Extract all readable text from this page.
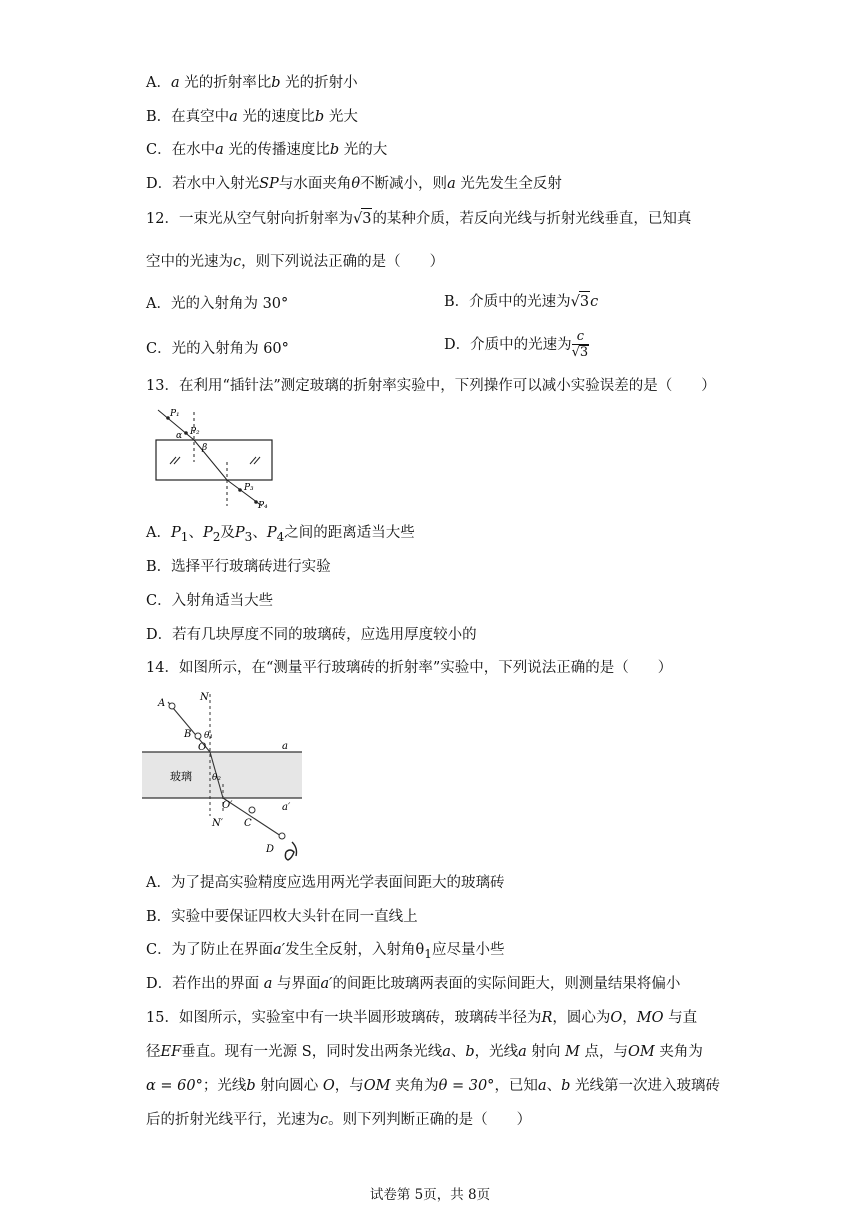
A．a 光的折射率比b 光的折射小
B．在真空中a 光的速度比b 光大
C．在水中a 光的传播速度比b 光的大
D．若水中入射光SP与水面夹角θ不断减小，则a 光先发生全反射
12．一束光从空气射向折射率为√3的某种介质，若反向光线与折射光线垂直，已知真
空中的光速为c，则下列说法正确的是（　　）
A．光的入射角为 30°	B．介质中的光速为√3c
C．光的入射角为 60°	D．介质中的光速为 $\frac{c}{√3}$
13．在利用“插针法”测定玻璃的折射率实验中，下列操作可以减小实验误差的是（　　）
P₁
P₂
α
β
P₃
P₄
A．$P_1$、$P_2$及$P_3$、$P_4$之间的距离适当大些
B．选择平行玻璃砖进行实验
C．入射角适当大些
D．若有几块厚度不同的玻璃砖，应选用厚度较小的
14．如图所示，在“测量平行玻璃砖的折射率”实验中，下列说法正确的是（　　）
A
B
N
θ₁
O	a
玻璃 θ₂
O′	a′
C
N′
D
A．为了提高实验精度应选用两光学表面间距大的玻璃砖
B．实验中要保证四枚大头针在同一直线上
C．为了防止在界面a′发生全反射，入射角$\theta_1$应尽量小些
D．若作出的界面 a 与界面a′的间距比玻璃两表面的实际间距大，则测量结果将偏小
15．如图所示，实验室中有一块半圆形玻璃砖，玻璃砖半径为R，圆心为O，MO 与直
径EF垂直。现有一光源 S，同时发出两条光线a、b，光线a 射向 M 点，与OM 夹角为
α = 60°；光线b 射向圆心 O，与OM 夹角为θ = 30°，已知a、b 光线第一次进入玻璃砖
后的折射光线平行，光速为c。则下列判断正确的是（　　）
试卷第 5页，共 8页
